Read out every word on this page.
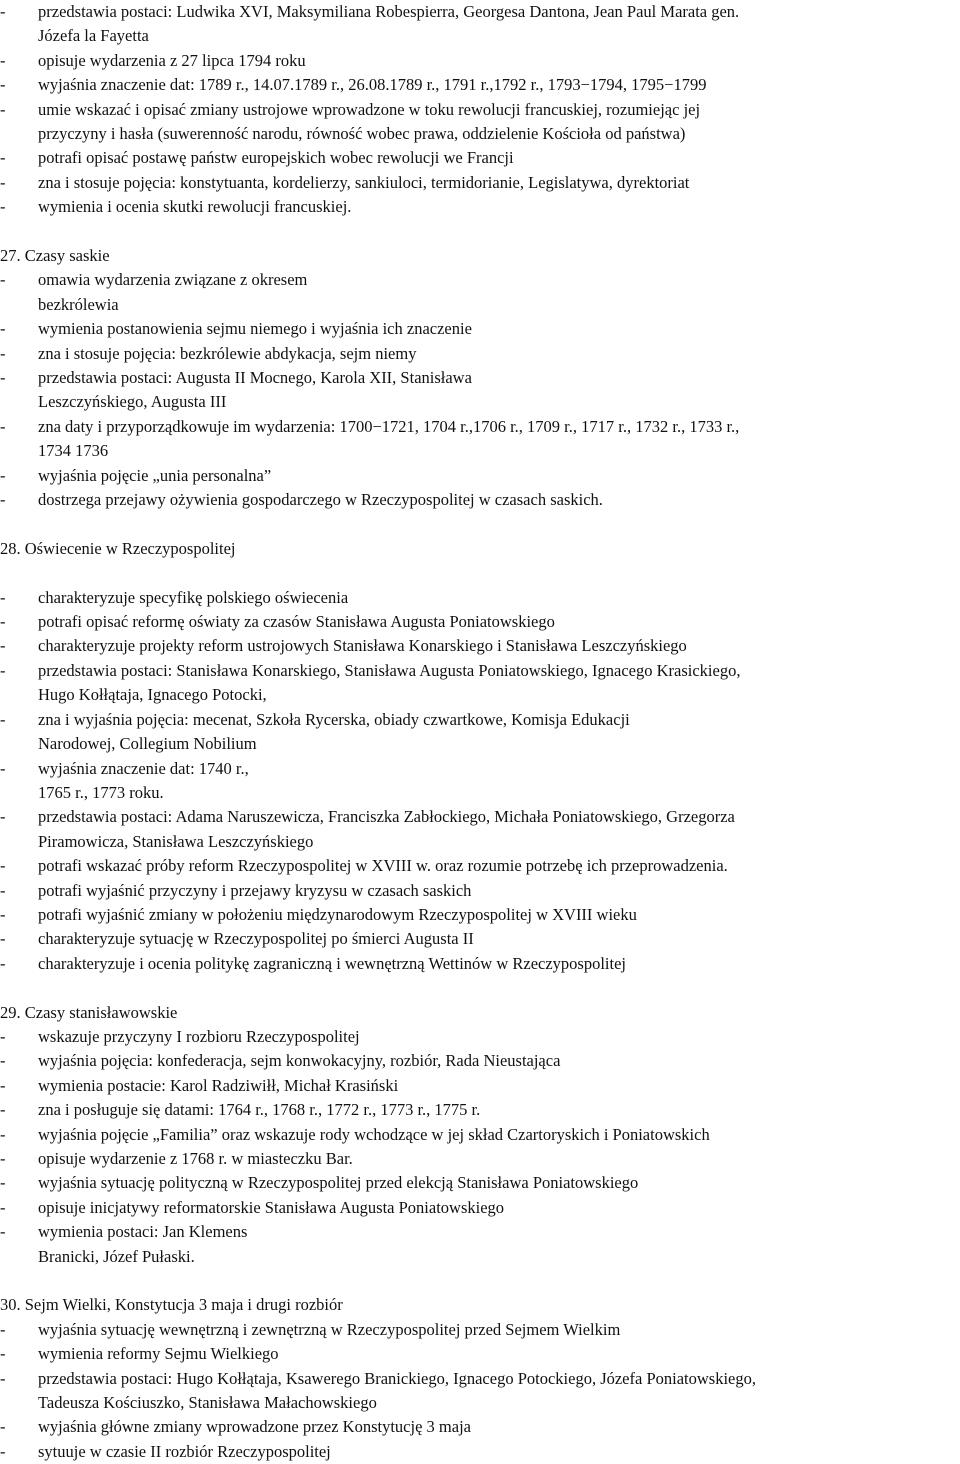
-	przedstawia postaci: Ludwika XVI, Maksymiliana Robespierra, Georgesa Dantona, Jean Paul Marata gen.
Józefa la Fayetta
-	opisuje wydarzenia z 27 lipca 1794 roku
-	wyjaśnia znaczenie dat: 1789 r., 14.07.1789 r., 26.08.1789 r., 1791 r.,1792 r., 1793−1794, 1795−1799
-	umie wskazać i opisać zmiany ustrojowe wprowadzone w toku rewolucji francuskiej, rozumiejąc jej
przyczyny i hasła (suwerenność narodu, równość wobec prawa, oddzielenie Kościoła od państwa)
-	potrafi opisać postawę państw europejskich wobec rewolucji we Francji
-	zna i stosuje pojęcia: konstytuanta, kordelierzy, sankiuloci, termidorianie, Legislatywa, dyrektoriat
-	wymienia i ocenia skutki rewolucji francuskiej.
27. Czasy saskie
-	omawia wydarzenia związane z okresem
bezkrólewia
-	wymienia postanowienia sejmu niemego i wyjaśnia ich znaczenie
-	zna i stosuje pojęcia: bezkrólewie abdykacja, sejm niemy
-	przedstawia postaci: Augusta II Mocnego, Karola XII, Stanisława
Leszczyńskiego, Augusta III
-	zna daty i przyporządkowuje im wydarzenia: 1700−1721, 1704 r.,1706 r., 1709 r., 1717 r., 1732 r., 1733 r.,
1734 1736
-	wyjaśnia pojęcie „unia personalna”
-	dostrzega przejawy ożywienia gospodarczego w Rzeczypospolitej w czasach saskich.
28. Oświecenie w Rzeczypospolitej
-	charakteryzuje specyfikę polskiego oświecenia
-	potrafi opisać reformę oświaty za czasów Stanisława Augusta Poniatowskiego
-	charakteryzuje projekty reform ustrojowych Stanisława Konarskiego i Stanisława Leszczyńskiego
-	przedstawia postaci: Stanisława Konarskiego, Stanisława Augusta Poniatowskiego, Ignacego Krasickiego,
Hugo Kołłątaja, Ignacego Potocki,
-	zna i wyjaśnia pojęcia: mecenat, Szkoła Rycerska, obiady czwartkowe, Komisja Edukacji
Narodowej, Collegium Nobilium
-	wyjaśnia znaczenie dat: 1740 r.,
1765 r., 1773 roku.
-	przedstawia postaci: Adama Naruszewicza, Franciszka Zabłockiego, Michała Poniatowskiego, Grzegorza
Piramowicza, Stanisława Leszczyńskiego
-	potrafi wskazać próby reform Rzeczypospolitej w XVIII w. oraz rozumie potrzebę ich przeprowadzenia.
-	potrafi wyjaśnić przyczyny i przejawy kryzysu w czasach saskich
-	potrafi wyjaśnić zmiany w położeniu międzynarodowym Rzeczypospolitej w XVIII wieku
-	charakteryzuje sytuację w Rzeczypospolitej po śmierci Augusta II
-	charakteryzuje i ocenia politykę zagraniczną i wewnętrzną Wettinów w Rzeczypospolitej
29. Czasy stanisławowskie
-	wskazuje przyczyny I rozbioru Rzeczypospolitej
-	wyjaśnia pojęcia: konfederacja, sejm konwokacyjny, rozbiór, Rada Nieustająca
-	wymienia postacie: Karol Radziwiłł, Michał Krasiński
-	zna i posługuje się datami: 1764 r., 1768 r., 1772 r., 1773 r., 1775 r.
-	wyjaśnia pojęcie „Familia” oraz wskazuje rody wchodzące w jej skład Czartoryskich i Poniatowskich
-	opisuje wydarzenie z 1768 r. w miasteczku Bar.
-	wyjaśnia sytuację polityczną w Rzeczypospolitej przed elekcją Stanisława Poniatowskiego
-	opisuje inicjatywy reformatorskie Stanisława Augusta Poniatowskiego
-	wymienia postaci: Jan Klemens
Branicki, Józef Pułaski.
30. Sejm Wielki, Konstytucja 3 maja i drugi rozbiór
-	wyjaśnia sytuację wewnętrzną i zewnętrzną w Rzeczypospolitej przed Sejmem Wielkim
-	wymienia reformy Sejmu Wielkiego
-	przedstawia postaci: Hugo Kołłątaja, Ksawerego Branickiego, Ignacego Potockiego, Józefa Poniatowskiego,
Tadeusza Kościuszko, Stanisława Małachowskiego
-	wyjaśnia główne zmiany wprowadzone przez Konstytucję 3 maja
-	sytuuje w czasie II rozbiór Rzeczypospolitej
